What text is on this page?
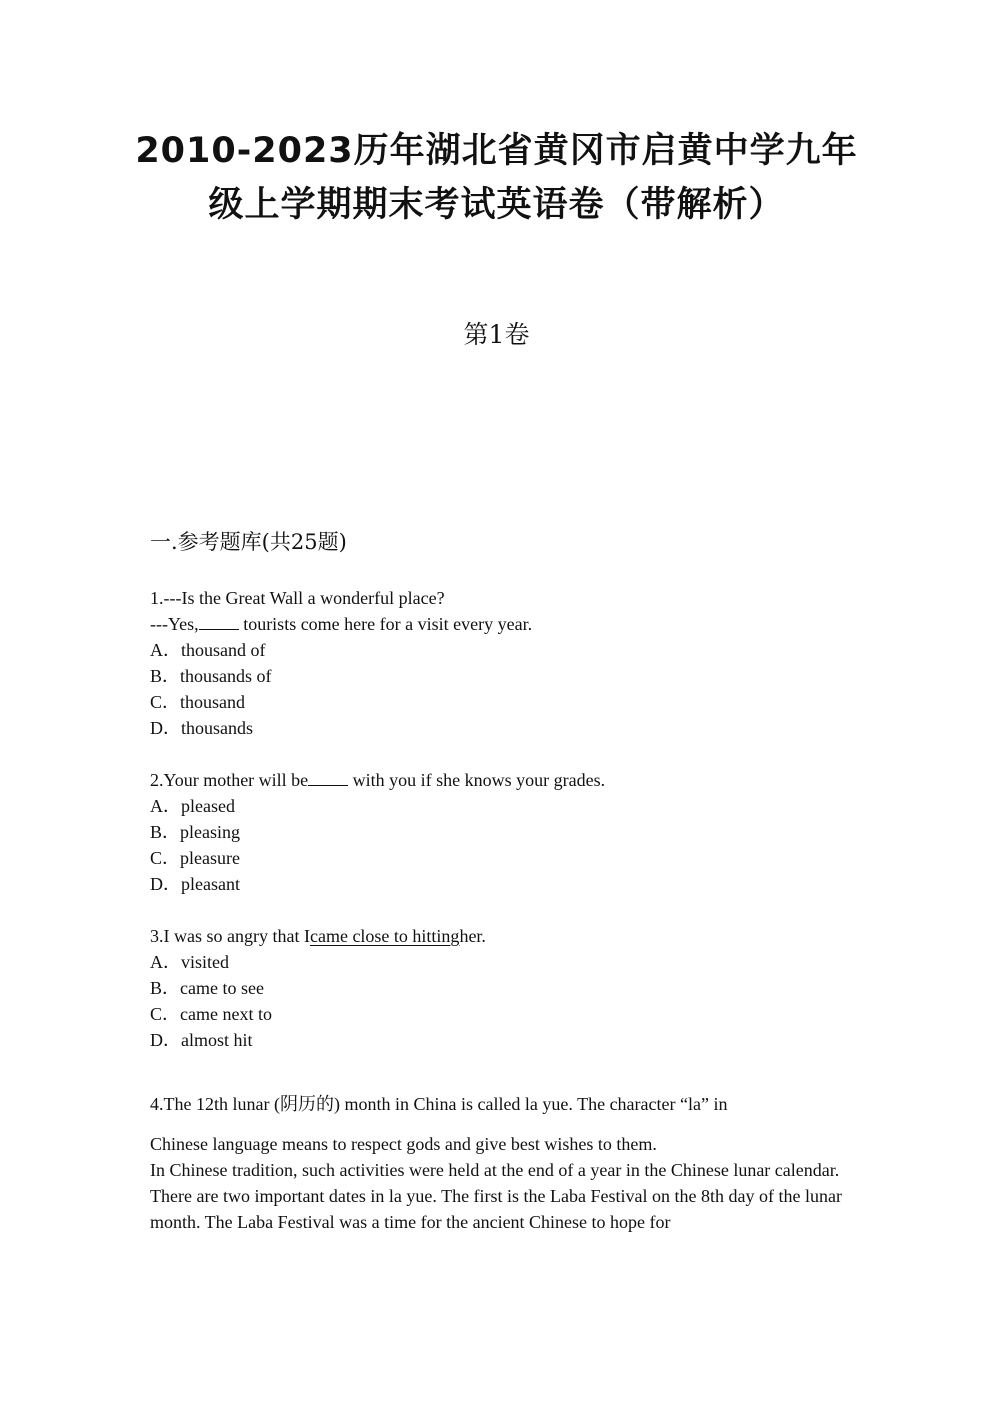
2010-2023历年湖北省黄冈市启黄中学九年
级上学期期末考试英语卷（带解析）
第1卷
一.参考题库(共25题)
1.---Is the Great Wall a wonderful place?
---Yes, tourists come here for a visit every year.
A．thousand of
B．thousands of
C．thousand
D．thousands
2.Your mother will be with you if she knows your grades.
A．pleased
B．pleasing
C．pleasure
D．pleasant
3.I was so angry that Icame close to hittingher.
A．visited
B．came to see
C．came next to
D．almost hit
4.The 12th lunar (阴历的) month in China is called la yue. The character “la” in
Chinese language means to respect gods and give best wishes to them.
In Chinese tradition, such activities were held at the end of a year in the Chinese lunar calendar.
There are two important dates in la yue. The first is the Laba Festival on the 8th day of the lunar month. The Laba Festival was a time for the ancient Chinese to hope for
